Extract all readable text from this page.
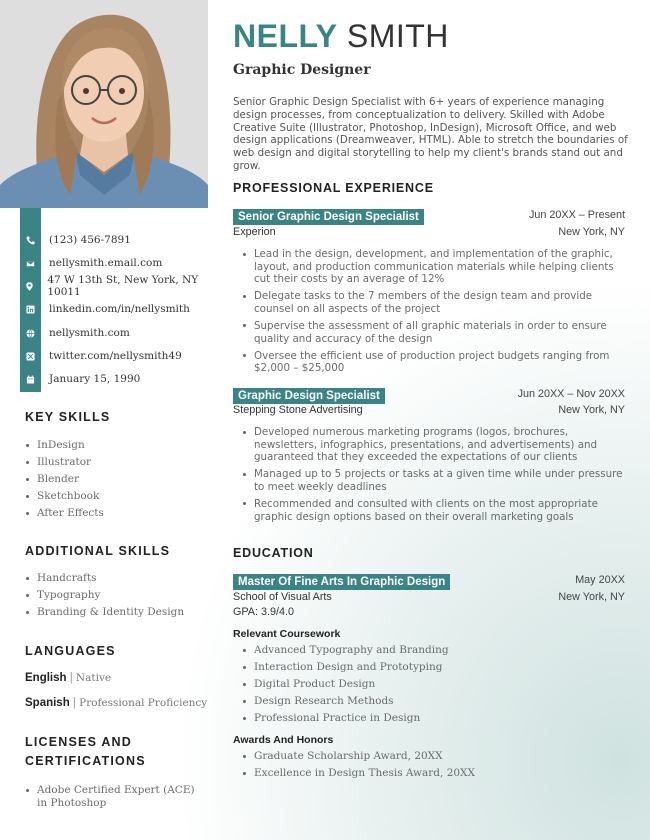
(123) 456-7891
nellysmith.email.com
47 W 13th St, New York, NY 10011
linkedin.com/in/nellysmith
nellysmith.com
twitter.com/nellysmith49
January 15, 1990
KEY SKILLS
InDesign
Illustrator
Blender
Sketchbook
After Effects
ADDITIONAL SKILLS
Handcrafts
Typography
Branding & Identity Design
LANGUAGES
English | Native
Spanish | Professional Proficiency
LICENSES AND
CERTIFICATIONS
Adobe Certified Expert (ACE) in Photoshop
NELLY SMITH
Graphic Designer
Senior Graphic Design Specialist with 6+ years of experience managing design processes, from conceptualization to delivery. Skilled with Adobe Creative Suite (Illustrator, Photoshop, InDesign), Microsoft Office, and web design applications (Dreamweaver, HTML). Able to stretch the boundaries of web design and digital storytelling to help my client's brands stand out and grow.
PROFESSIONAL EXPERIENCE
Senior Graphic Design Specialist	Jun 20XX – Present
Experion	New York, NY
Lead in the design, development, and implementation of the graphic, layout, and production communication materials while helping clients cut their costs by an average of 12%
Delegate tasks to the 7 members of the design team and provide counsel on all aspects of the project
Supervise the assessment of all graphic materials in order to ensure quality and accuracy of the design
Oversee the efficient use of production project budgets ranging from $2,000 – $25,000
Graphic Design Specialist	Jun 20XX – Nov 20XX
Stepping Stone Advertising	New York, NY
Developed numerous marketing programs (logos, brochures, newsletters, infographics, presentations, and advertisements) and guaranteed that they exceeded the expectations of our clients
Managed up to 5 projects or tasks at a given time while under pressure to meet weekly deadlines
Recommended and consulted with clients on the most appropriate graphic design options based on their overall marketing goals
EDUCATION
Master Of Fine Arts In Graphic Design	May 20XX
School of Visual Arts	New York, NY
GPA: 3.9/4.0
Relevant Coursework
Advanced Typography and Branding
Interaction Design and Prototyping
Digital Product Design
Design Research Methods
Professional Practice in Design
Awards And Honors
Graduate Scholarship Award, 20XX
Excellence in Design Thesis Award, 20XX
